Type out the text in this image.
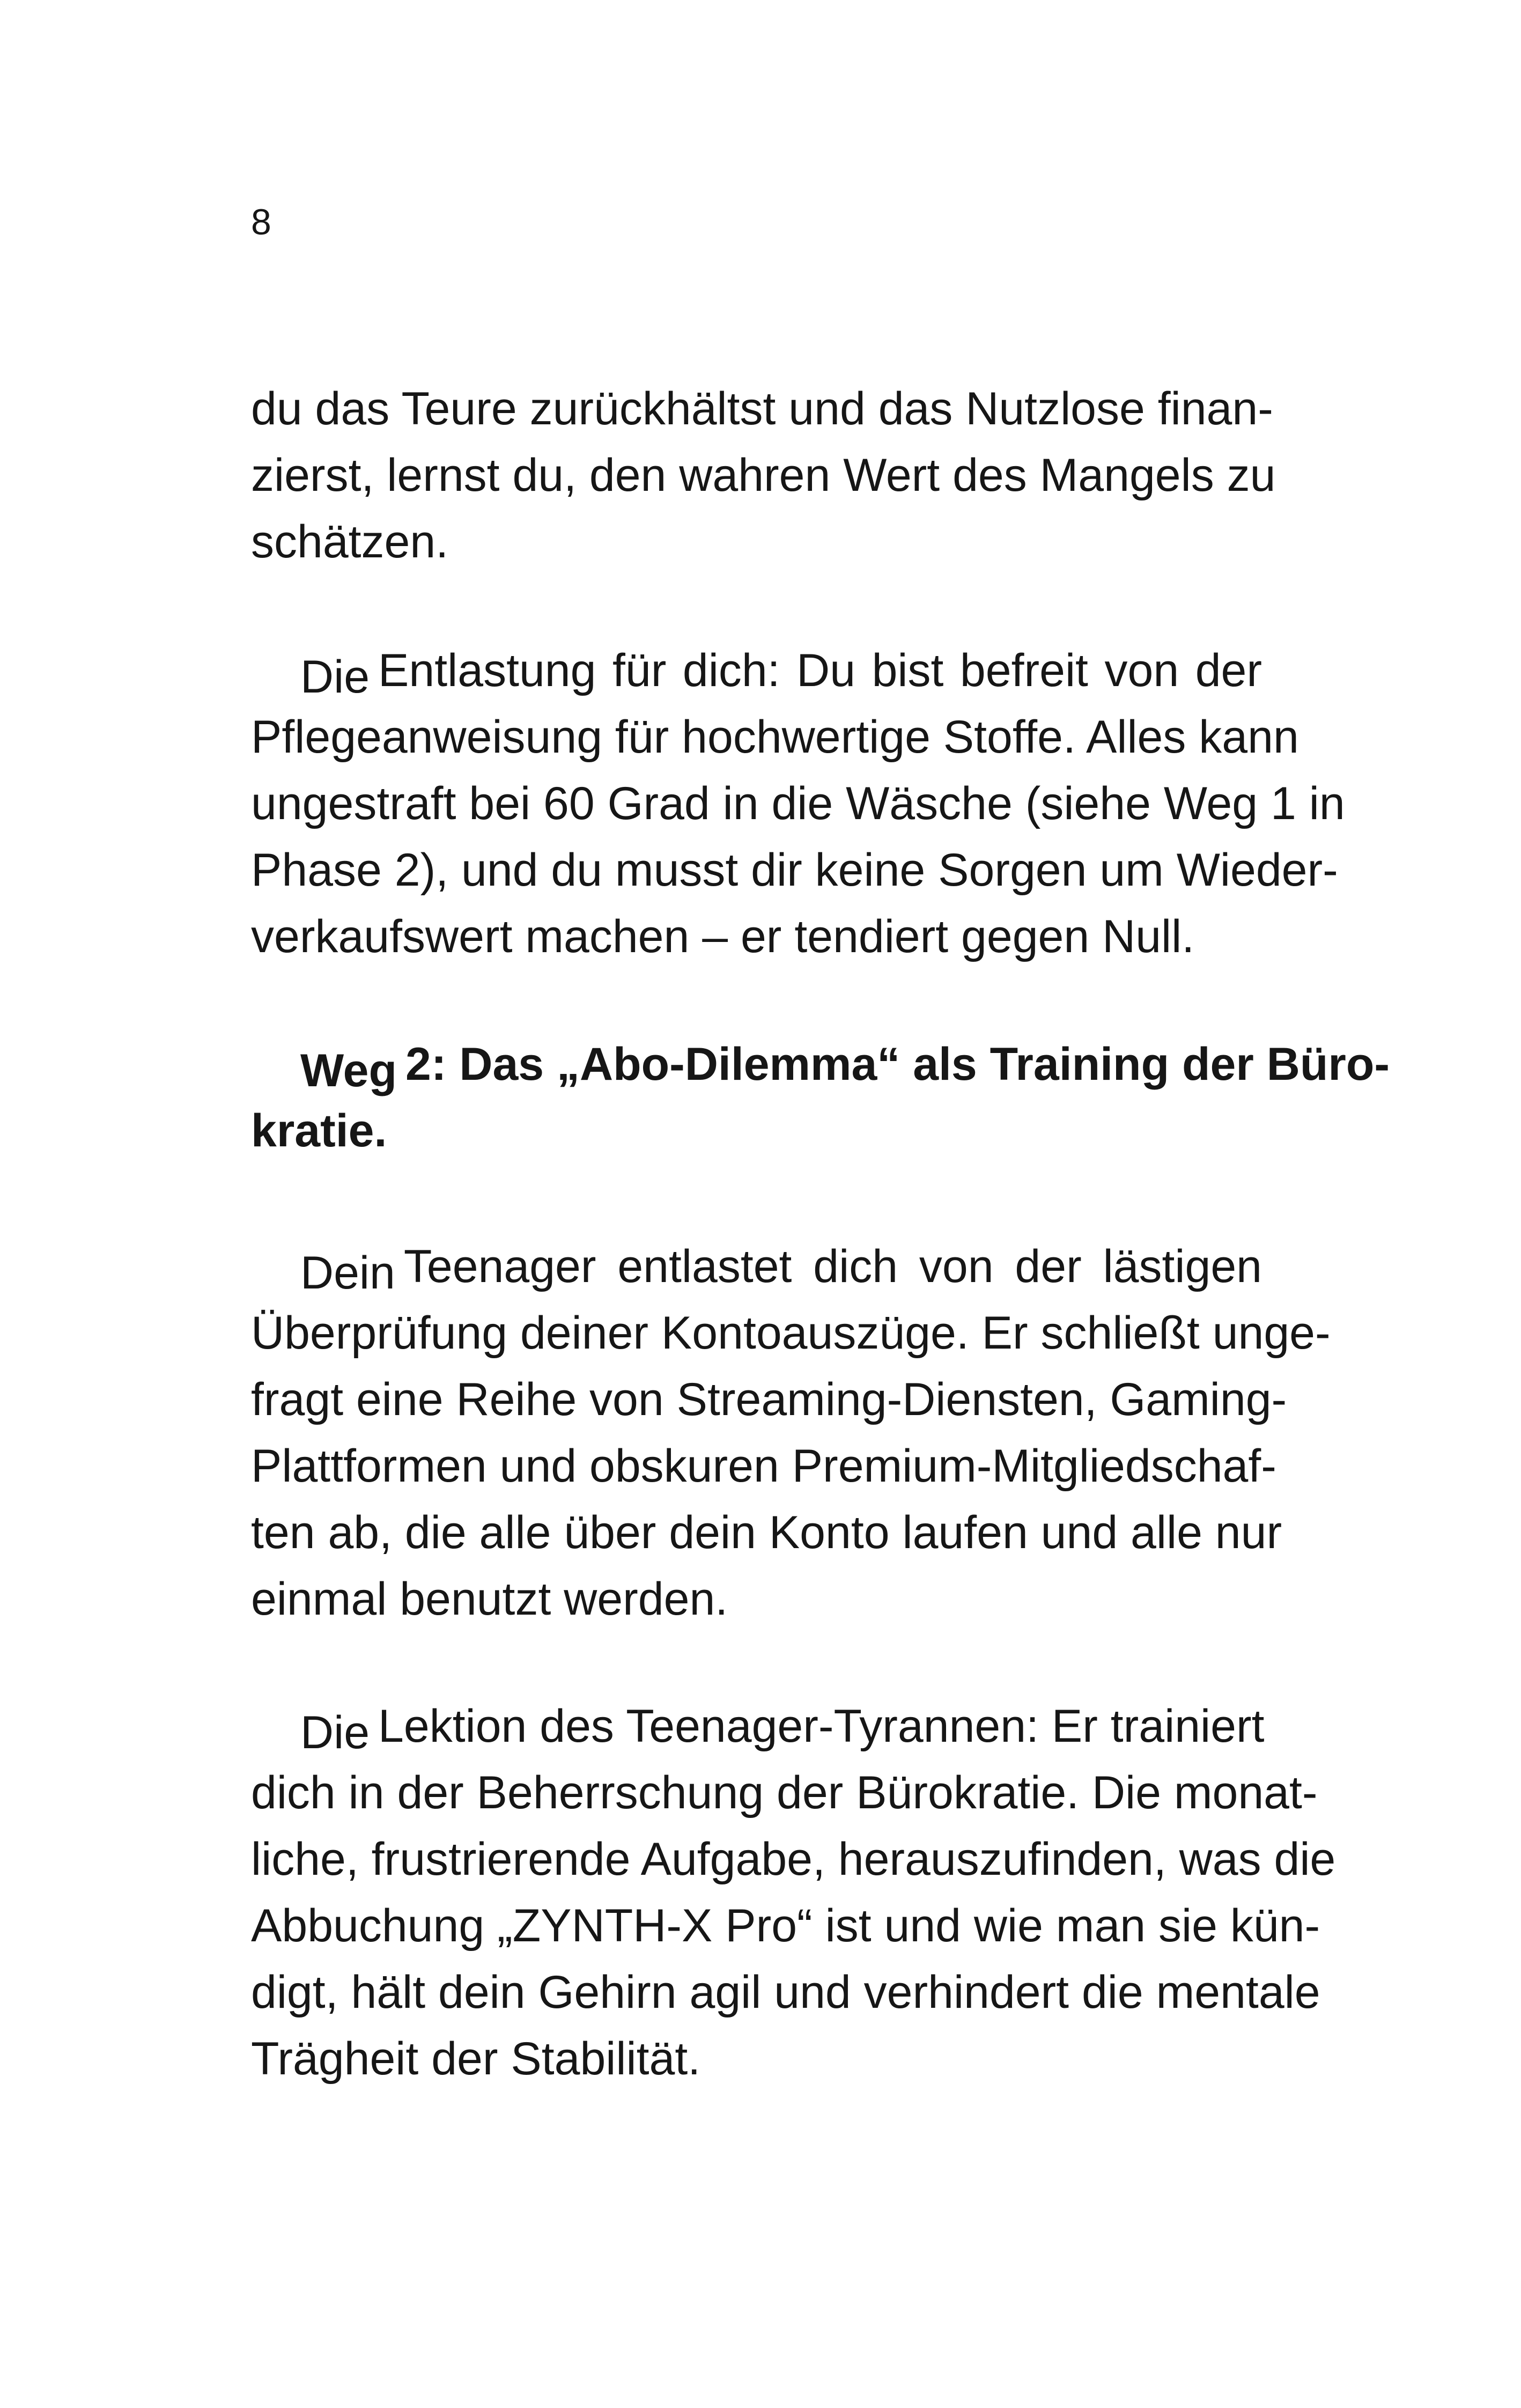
8
du das Teure zurückhältst und das Nutzlose finan-
zierst, lernst du, den wahren Wert des Mangels zu
schätzen.
Die Entlastung für dich: Du bist befreit von der
Pflegeanweisung für hochwertige Stoffe. Alles kann
ungestraft bei 60 Grad in die Wäsche (siehe Weg 1 in
Phase 2), und du musst dir keine Sorgen um Wieder-
verkaufswert machen – er tendiert gegen Null.
Weg 2: Das „Abo-Dilemma“ als Training der Büro-
kratie.
Dein Teenager entlastet dich von der lästigen
Überprüfung deiner Kontoauszüge. Er schließt unge-
fragt eine Reihe von Streaming-Diensten, Gaming-
Plattformen und obskuren Premium-Mitgliedschaf-
ten ab, die alle über dein Konto laufen und alle nur
einmal benutzt werden.
Die Lektion des Teenager-Tyrannen: Er trainiert
dich in der Beherrschung der Bürokratie. Die monat-
liche, frustrierende Aufgabe, herauszufinden, was die
Abbuchung „ZYNTH-X Pro“ ist und wie man sie kün-
digt, hält dein Gehirn agil und verhindert die mentale
Trägheit der Stabilität.
